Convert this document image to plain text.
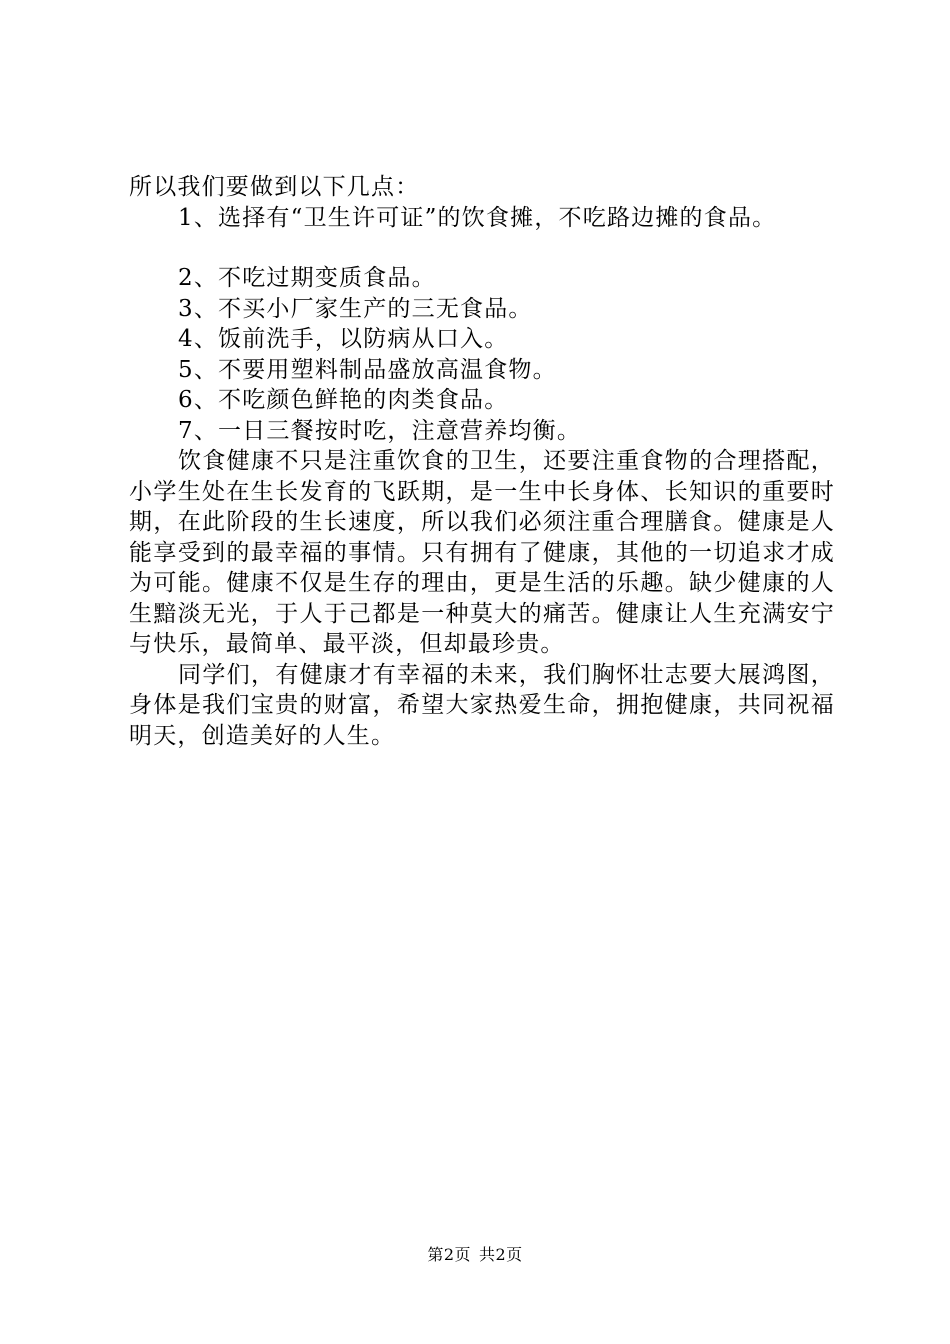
所以我们要做到以下几点：
1、选择有“卫生许可证”的饮食摊，不吃路边摊的食品。
2、不吃过期变质食品。
3、不买小厂家生产的三无食品。
4、饭前洗手，以防病从口入。
5、不要用塑料制品盛放高温食物。
6、不吃颜色鲜艳的肉类食品。
7、一日三餐按时吃，注意营养均衡。
饮食健康不只是注重饮食的卫生，还要注重食物的合理搭配，小学生处在生长发育的飞跃期，是一生中长身体、长知识的重要时期，在此阶段的生长速度，所以我们必须注重合理膳食。健康是人能享受到的最幸福的事情。只有拥有了健康，其他的一切追求才成为可能。健康不仅是生存的理由，更是生活的乐趣。缺少健康的人生黯淡无光，于人于己都是一种莫大的痛苦。健康让人生充满安宁与快乐，最简单、最平淡，但却最珍贵。
同学们，有健康才有幸福的未来，我们胸怀壮志要大展鸿图，身体是我们宝贵的财富，希望大家热爱生命，拥抱健康，共同祝福明天，创造美好的人生。
第2页 共2页
